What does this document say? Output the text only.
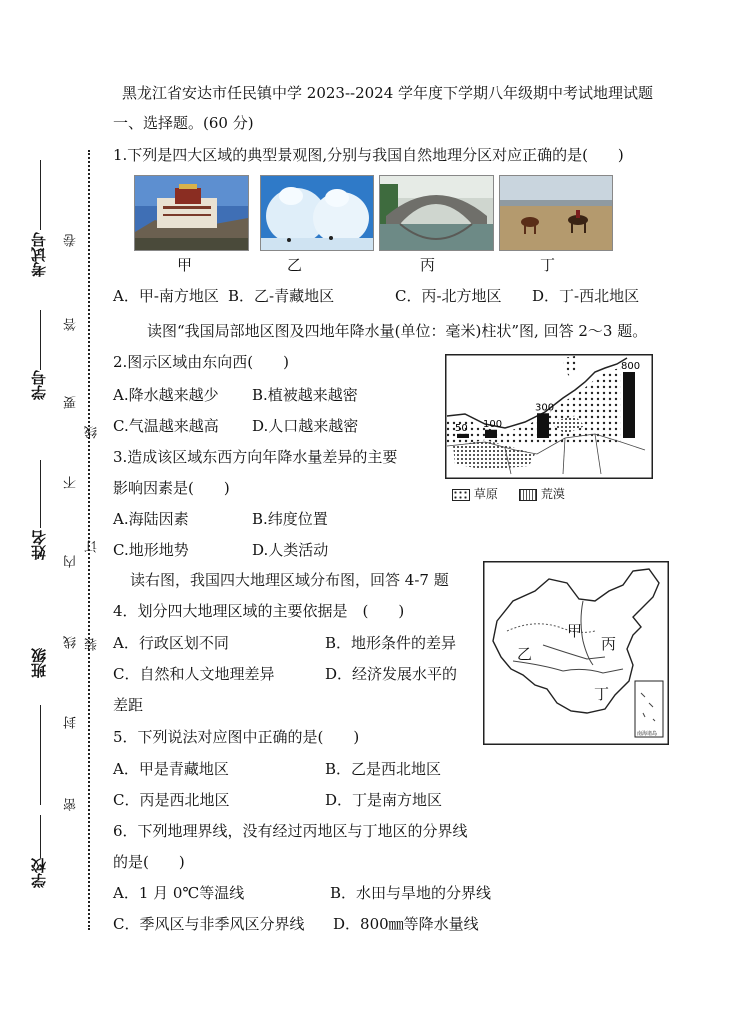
考试号
学号
姓名
班级
学校
卷
答
要
线
不
内
订
装
线
封
密
黑龙江省安达市任民镇中学 2023--2024 学年度下学期八年级期中考试地理试题
一、选择题。(60 分)
1.下列是四大区域的典型景观图,分别与我国自然地理分区对应正确的是(　　)
甲	乙	丙	丁
A．甲-南方地区 B．乙-青藏地区	C．丙-北方地区 D．丁-西北地区
读图“我国局部地区图及四地年降水量(单位：毫米)柱状”图, 回答 2～3 题。
2.图示区域由东向西(　　)
A.降水越来越少 B.植被越来越密
C.气温越来越高 D.人口越来越密
3.造成该区域东西方向年降水量差异的主要
影响因素是(　　)
A.海陆因素	B.纬度位置
C.地形地势	D.人类活动
50 100
300
800
草原	荒漠
读右图，我国四大地理区域分布图，回答 4-7 题
甲
乙
丙
丁
南海诸岛
4．划分四大地理区域的主要依据是　(　　)
A．行政区划不同	B．地形条件的差异
C．自然和人文地理差异	D．经济发展水平的
差距
5．下列说法对应图中正确的是(　　)
A．甲是青藏地区	B．乙是西北地区
C．丙是西北地区	D．丁是南方地区
6．下列地理界线，没有经过丙地区与丁地区的分界线
的是(　　)
A．1 月 0℃等温线	B．水田与旱地的分界线
C．季风区与非季风区分界线 D．800㎜等降水量线
